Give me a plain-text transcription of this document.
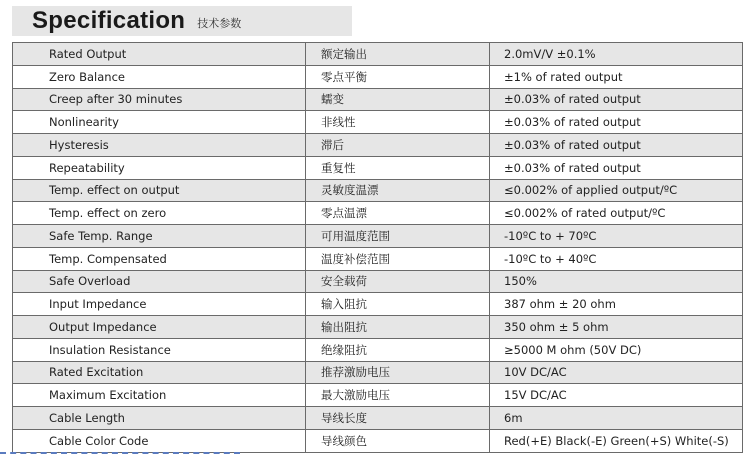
Specification 技术参数
Rated Output	额定输出	2.0mV/V ±0.1%
Zero Balance	零点平衡	±1% of rated output
Creep after 30 minutes	蠕变	±0.03% of rated output
Nonlinearity	非线性	±0.03% of rated output
Hysteresis	滞后	±0.03% of rated output
Repeatability	重复性	±0.03% of rated output
Temp. effect on output	灵敏度温漂	≤0.002% of applied output/ºC
Temp. effect on zero	零点温漂	≤0.002% of rated output/ºC
Safe Temp. Range	可用温度范围	-10ºC to + 70ºC
Temp. Compensated	温度补偿范围	-10ºC to + 40ºC
Safe Overload	安全载荷	150%
Input Impedance	输入阻抗	387 ohm ± 20 ohm
Output Impedance	输出阻抗	350 ohm ± 5 ohm
Insulation Resistance	绝缘阻抗	≥5000 M ohm (50V DC)
Rated Excitation	推荐激励电压	10V DC/AC
Maximum Excitation	最大激励电压	15V DC/AC
Cable Length	导线长度	6m
Cable Color Code	导线颜色	Red(+E) Black(-E) Green(+S) White(-S)
